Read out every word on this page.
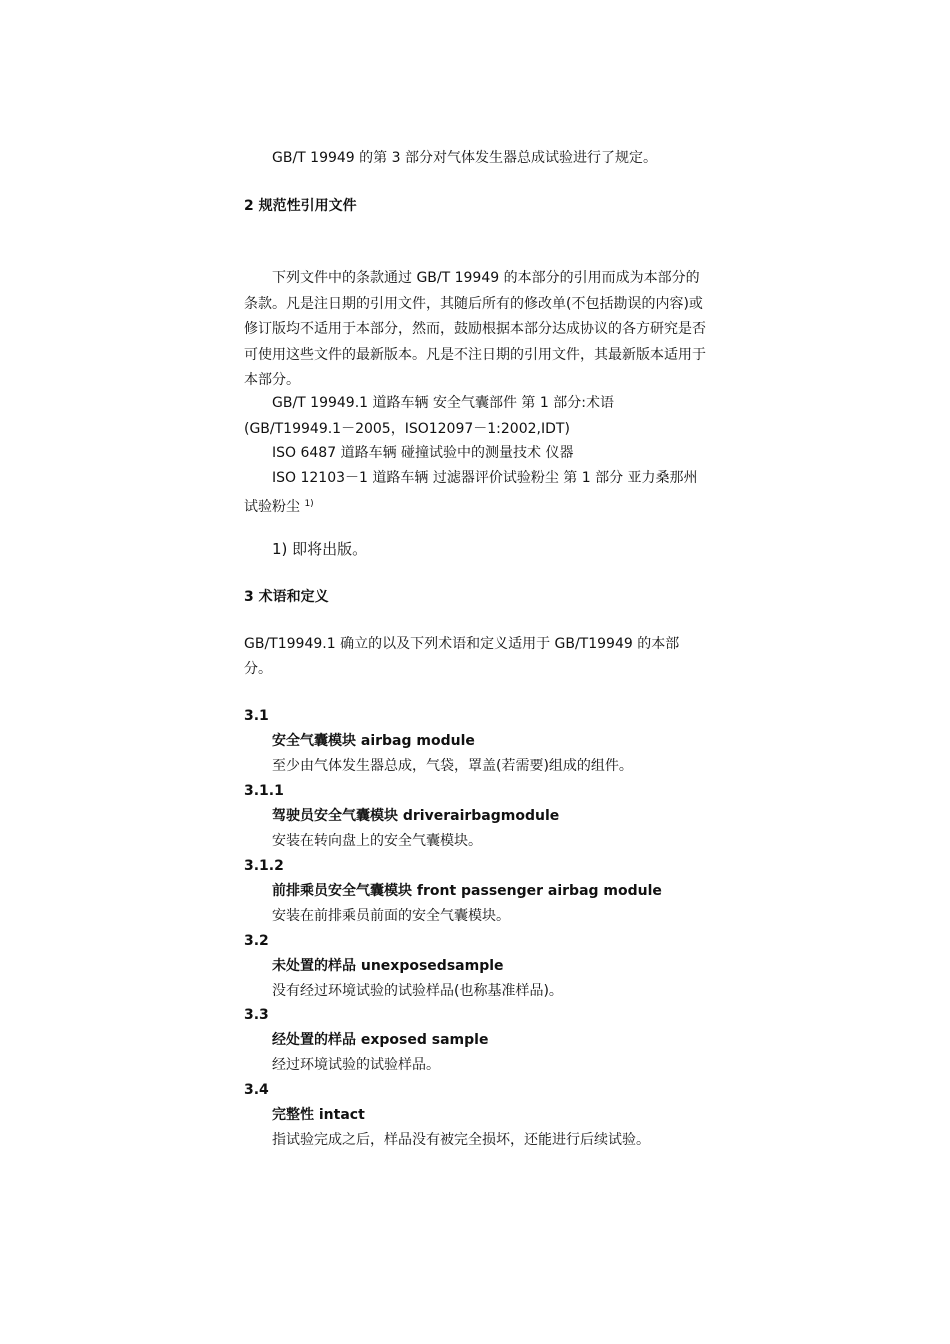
GB/T 19949 的第 3 部分对气体发生器总成试验进行了规定。
2 规范性引用文件
下列文件中的条款通过 GB/T 19949 的本部分的引用而成为本部分的条款。凡是注日期的引用文件，其随后所有的修改单(不包括勘误的内容)或修订版均不适用于本部分，然而，鼓励根据本部分达成协议的各方研究是否可使用这些文件的最新版本。凡是不注日期的引用文件，其最新版本适用于本部分。
GB/T 19949.1 道路车辆 安全气囊部件 第 1 部分:术语(GB/T19949.1－2005，ISO12097－1:2002,IDT)
ISO 6487 道路车辆 碰撞试验中的测量技术 仪器
ISO 12103－1 道路车辆 过滤器评价试验粉尘 第 1 部分 亚力桑那州试验粉尘 $^{1)}$
1) 即将出版。
3 术语和定义
GB/T19949.1 确立的以及下列术语和定义适用于 GB/T19949 的本部分。
3.1
安全气囊模块 airbag module
至少由气体发生器总成，气袋，罩盖(若需要)组成的组件。
3.1.1
驾驶员安全气囊模块 driverairbagmodule
安装在转向盘上的安全气囊模块。
3.1.2
前排乘员安全气囊模块 front passenger airbag module
安装在前排乘员前面的安全气囊模块。
3.2
未处置的样品 unexposedsample
没有经过环境试验的试验样品(也称基准样品)。
3.3
经处置的样品 exposed sample
经过环境试验的试验样品。
3.4
完整性 intact
指试验完成之后，样品没有被完全损坏，还能进行后续试验。
